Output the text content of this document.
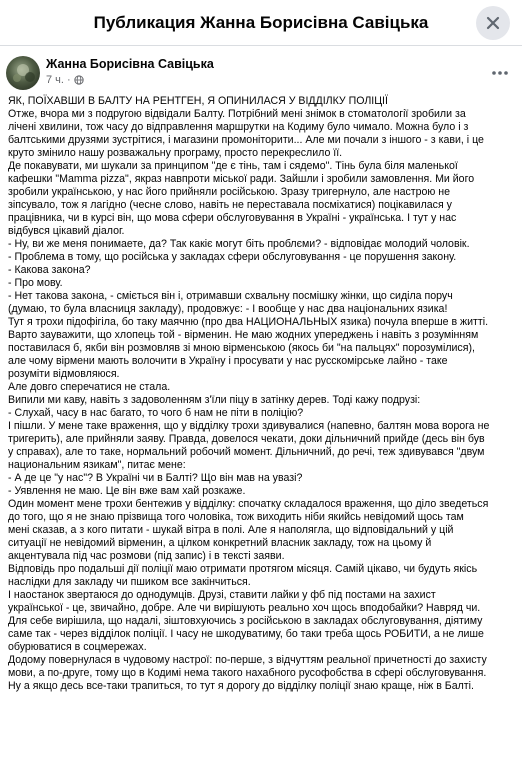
Публикация Жанна Борисівна Савіцька
Жанна Борисівна Савіцька
7 ч. ·

ЯК, ПОЇХАВШИ В БАЛТУ НА РЕНТГЕН, Я ОПИНИЛАСЯ У ВІДДІЛКУ ПОЛІЦІЇ

Отже, вчора ми з подругою відвідали Балту. Потрібний мені знімок в стоматології зробили за

лічені хвилини, тож часу до відправлення маршрутки на Кодиму було чимало. Можна було і з

балтськими друзями зустрітися, і магазини промоніторити... Але ми почали з іншого - з кави, і це

круто змінило нашу розважальну програму, просто перекреслило її.

Де покавувати, ми шукали за принципом "де є тінь, там і сядемо". Тінь була біля маленької

кафешки "Mamma pizza", якраз навпроти міської ради. Зайшли і зробили замовлення. Ми його

зробили українською, у нас його прийняли російською. Зразу тригернуло, але настрою не

зіпсувало, тож я лагідно (чесне слово, навіть не переставала посміхатися) поцікавилася у

працівника, чи в курсі він, що мова сфери обслуговування в Україні - українська. І тут у нас

відбувся цікавий діалог.

- Ну, ви же меня понимаете, да? Так какіє могут біть проблєми? - відповідає молодий чоловік.

- Проблема в тому, що російська у закладах сфери обслуговування - це порушення закону.

- Какова закона?

- Про мову.

- Нет такова закона, - сміється він і, отримавши схвальну посмішку жінки, що сиділа поруч

(думаю, то була власниця закладу), продовжує: - І вообще у нас два національних язика!

Тут я трохи підофігіла, бо таку маячню (про два НАЦИОНАЛЬНЫХ язика) почула вперше в житті.

Варто зауважити, що хлопець той - вірменин. Не маю жодних упереджень і навіть з розумінням

поставилася б, якби він розмовляв зі мною вірменською (якось би "на пальцях" порозумілися),

але чому вірмени мають волочити в Україну і просувати у нас русскомірське лайно - таке

розуміти відмовляюся.

Але довго сперечатися не стала.

Випили ми каву, навіть з задоволенням з'їли піцу в затінку дерев. Тоді кажу подрузі:

- Слухай, часу в нас багато, то чого б нам не піти в поліцію?

І пішли. У мене таке враження, що у відділку трохи здивувалися (напевно, балтян мова ворога не

тригерить), але прийняли заяву. Правда, довелося чекати, доки дільничний прийде (десь він був

у справах), але то таке, нормальний робочий момент. Дільничний, до речі, теж здивувався "двум

национальним язикам", питає мене:

- А де це "у нас"? В Україні чи в Балті? Що він мав на увазі?

- Уявлення не маю. Це він вже вам хай розкаже.

Один момент мене трохи бентежив у відділку: спочатку складалося враження, що діло зведеться

до того, що я не знаю прізвища того чоловіка, тож виходить ніби якийсь невідомий щось там

мені сказав, а з кого питати - шукай вітра в полі. Але я наполягла, що відповідальний у цій

ситуації не невідомий вірменин, а цілком конкретний власник закладу, тож на цьому й

акцентувала під час розмови (під запис) і в тексті заяви.

Відповідь про подальші дії поліції маю отримати протягом місяця. Самій цікаво, чи будуть якісь

наслідки для закладу чи пшиком все закінчиться.

І наостанок звертаюся до однодумців. Друзі, ставити лайки у фб під постами на захист

української - це, звичайно, добре. Але чи вирішують реально хоч щось вподобайки? Навряд чи.

Для себе вирішила, що надалі, зіштовхуючись з російською в закладах обслуговування, діятиму

саме так - через відділок поліції. І часу не шкодуватиму, бо таки треба щось РОБИТИ, а не лише

обурюватися в соцмережах.

Додому повернулася в чудовому настрої: по-перше, з відчуттям реальної причетності до захисту

мови, а по-друге, тому що в Кодимі нема такого нахабного русофобства в сфері обслуговування.

Ну а якщо десь все-таки трапиться, то тут я дорогу до відділку поліції знаю краще, ніж в Балті.
